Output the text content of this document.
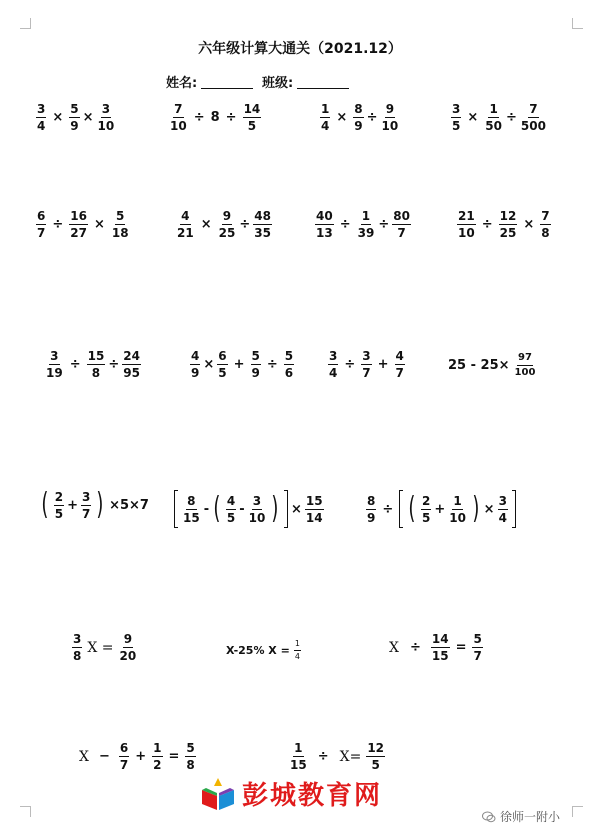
六年级计算大通关（2021.12）
姓名:	班级:
$\frac{3}{4} \times \frac{5}{9} \times \frac{3}{10}$	$\frac{7}{10} \div 8 \div \frac{14}{5}$	$\frac{1}{4} \times \frac{8}{9} \div \frac{9}{10}$	$\frac{3}{5} \times \frac{1}{50} \div \frac{7}{500}$
$\frac{6}{7} \div \frac{16}{27} \times \frac{5}{18}$	$\frac{4}{21} \times \frac{9}{25} \div \frac{48}{35}$	$\frac{40}{13} \div \frac{1}{39} \div \frac{80}{7}$	$\frac{21}{10} \div \frac{12}{25} \times \frac{7}{8}$
$\frac{3}{19} \div \frac{15}{8} \div \frac{24}{95}$	$\frac{4}{9} \times \frac{6}{5} + \frac{5}{9} \div \frac{5}{6}$	$\frac{3}{4} \div \frac{3}{7} + \frac{4}{7}$	$25 - 25\times \frac{97}{100}$
( $\frac{2}{5} + \frac{3}{7}$ ) ×5×7	$\frac{8}{15}$ - ( $\frac{4}{5} - \frac{3}{10}$ ) × $\frac{15}{14}$	$\frac{8}{9}$ ÷ ( $\frac{2}{5} + \frac{1}{10}$ ) × $\frac{3}{4}$
$\frac{3}{8}$ $X = \frac{9}{20}$	X-25% $X = \frac{1}{4}$	$X \div \frac{14}{15} = \frac{5}{7}$
$X - \frac{6}{7} + \frac{1}{2} = \frac{5}{8}$	$\frac{1}{15} \div X= \frac{12}{5}$
彭城教育网
徐师一附小
